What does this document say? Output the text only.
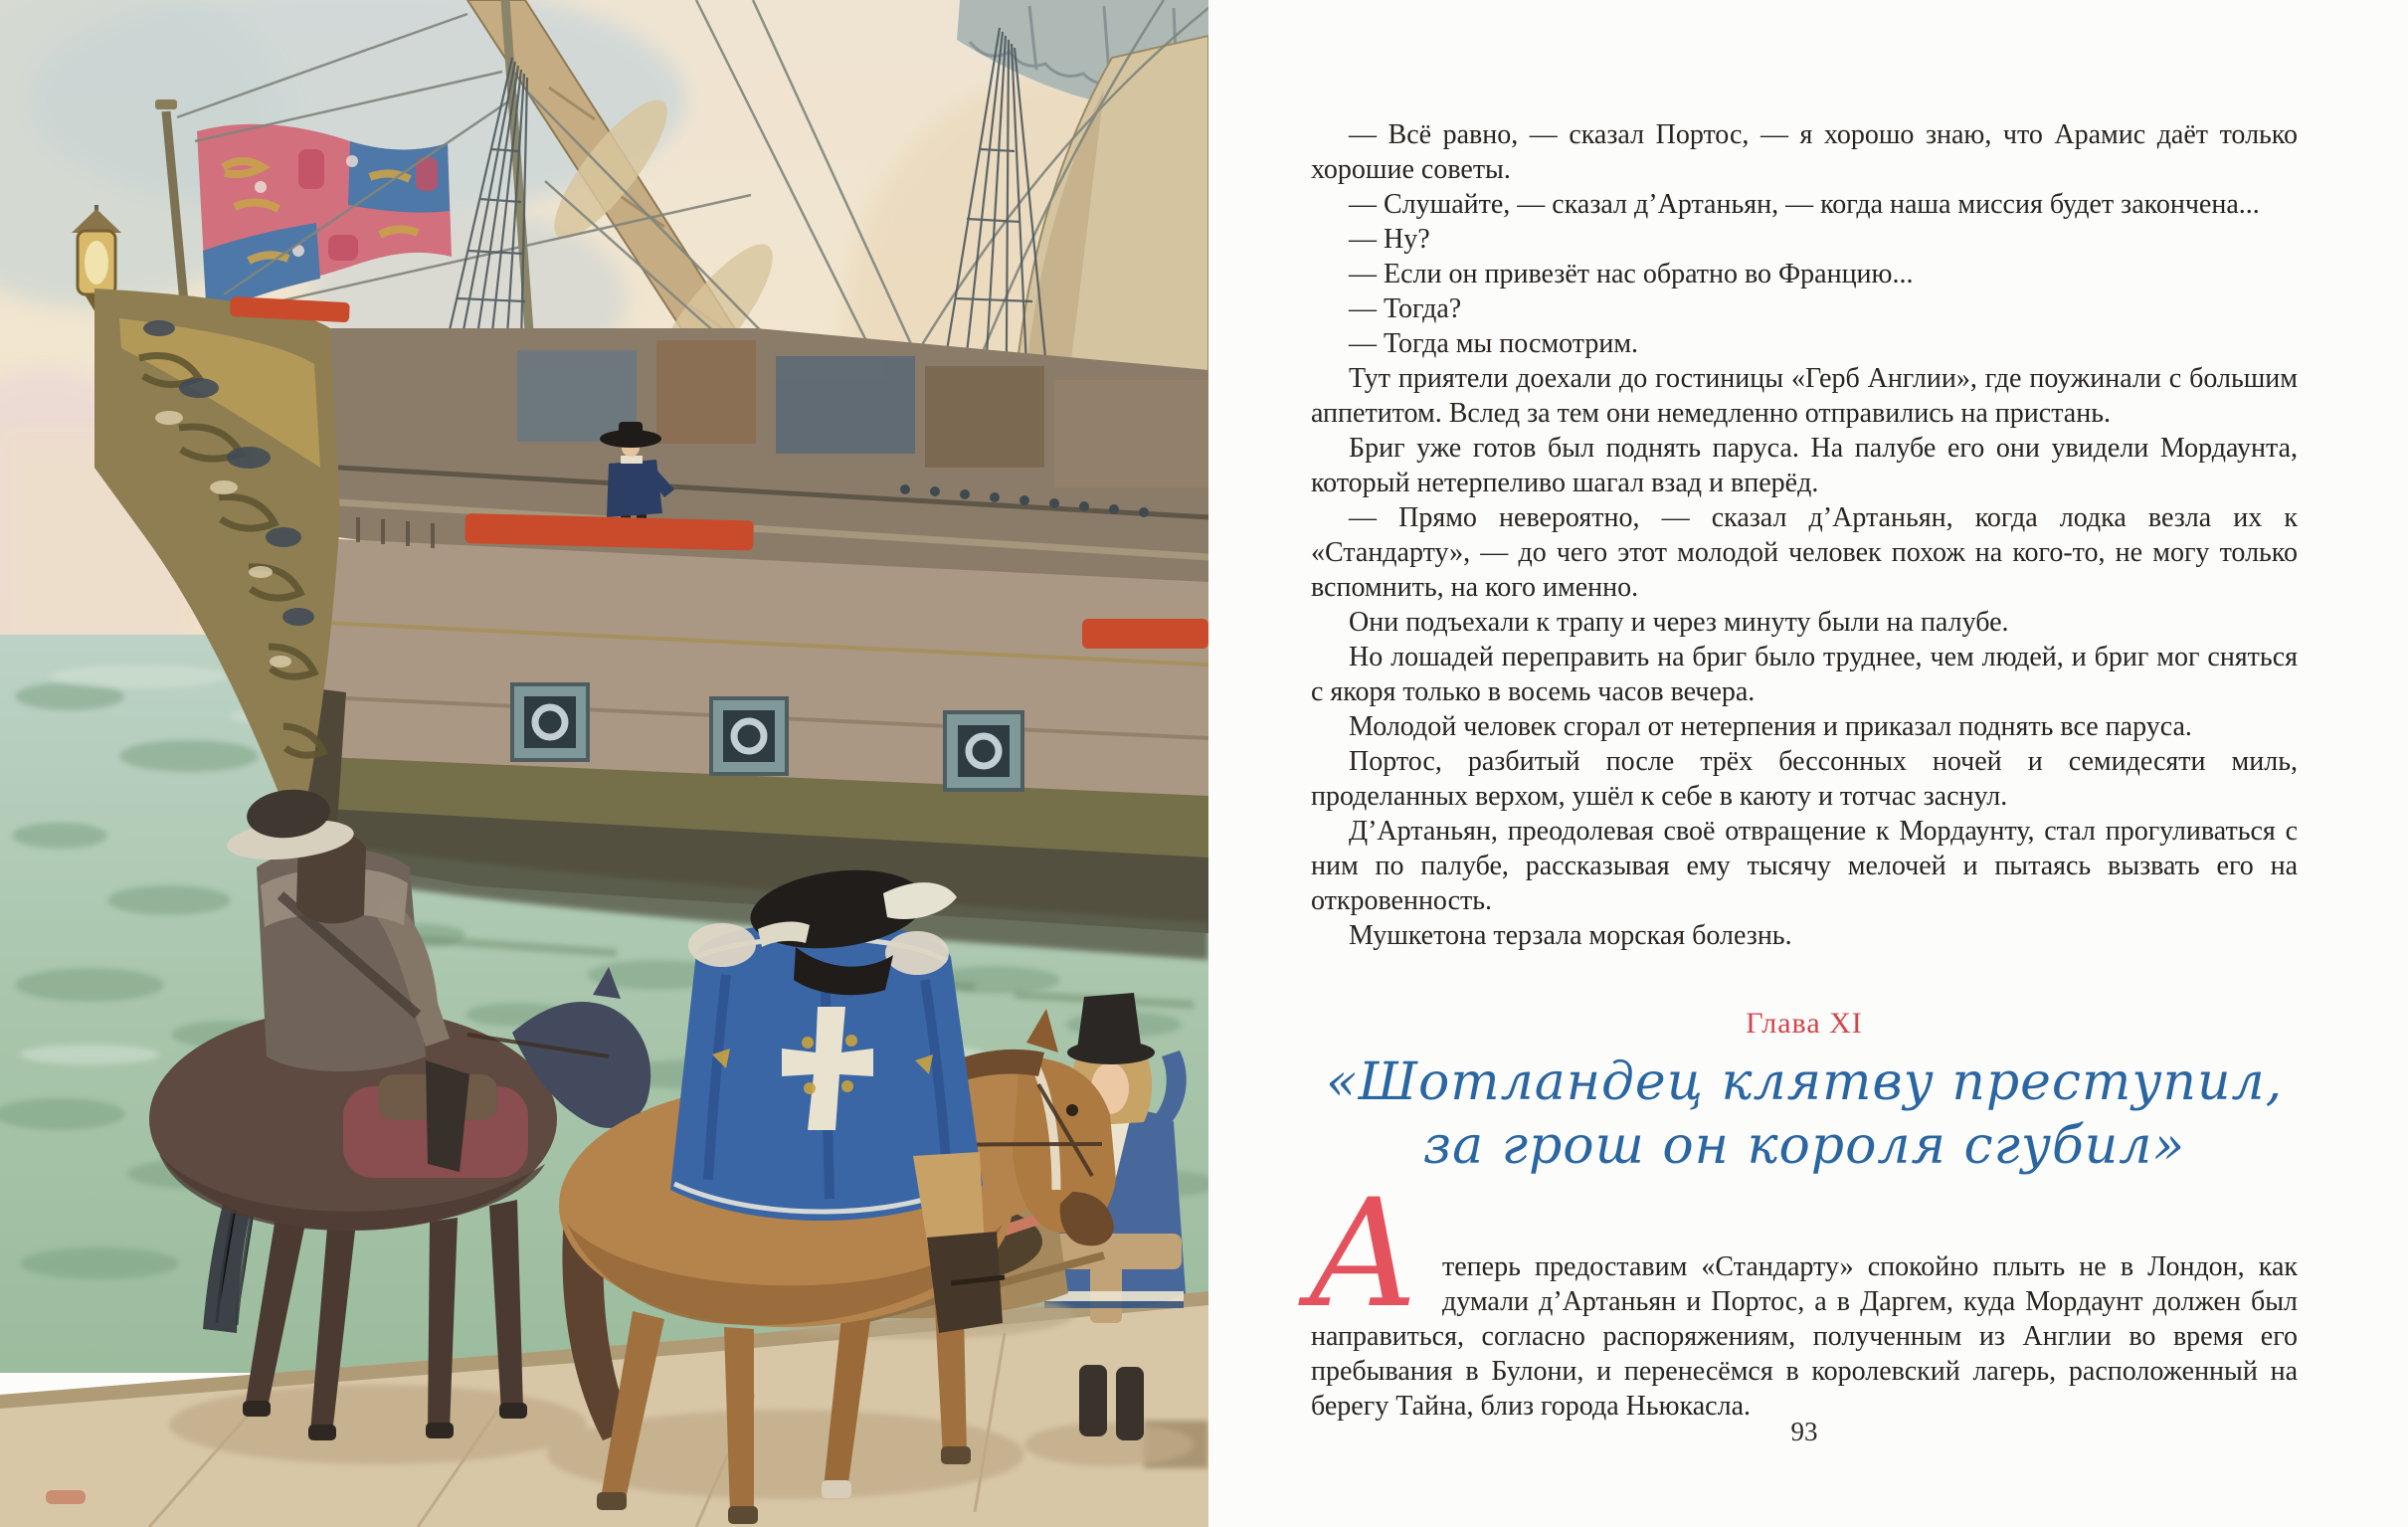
— Всё равно, — сказал Портос, — я хорошо знаю, что Арамис даёт только хорошие советы.

— Слушайте, — сказал д’Артаньян, — когда наша миссия будет закончена...

— Ну?

— Если он привезёт нас обратно во Францию...

— Тогда?

— Тогда мы посмотрим.

Тут приятели доехали до гостиницы «Герб Англии», где поужинали с большим аппетитом. Вслед за тем они немедленно отправились на пристань.

Бриг уже готов был поднять паруса. На палубе его они увидели Мордаунта, который нетерпеливо шагал взад и вперёд.

— Прямо невероятно, — сказал д’Артаньян, когда лодка везла их к «Стандарту», — до чего этот молодой человек похож на кого-то, не могу только вспомнить, на кого именно.

Они подъехали к трапу и через минуту были на палубе.

Но лошадей переправить на бриг было труднее, чем людей, и бриг мог сняться с якоря только в восемь часов вечера.

Молодой человек сгорал от нетерпения и приказал поднять все паруса.

Портос, разбитый после трёх бессонных ночей и семидесяти миль, проделанных верхом, ушёл к себе в каюту и тотчас заснул.

Д’Артаньян, преодолевая своё отвращение к Мордаунту, стал прогуливаться с ним по палубе, рассказывая ему тысячу мелочей и пытаясь вызвать его на откровенность.

Мушкетона терзала морская болезнь.

Глава XI
«Шотландец клятву преступил,
за грош он короля сгубил»
А теперь предоставим «Стандарту» спокойно плыть не в Лондон, как думали д’Артаньян и Портос, а в Даргем, куда Мордаунт должен был направиться, согласно распоряжениям, полученным из Англии во время его пребывания в Булони, и перенесёмся в королевский лагерь, расположенный на берегу Тайна, близ города Ньюкасла.
93
